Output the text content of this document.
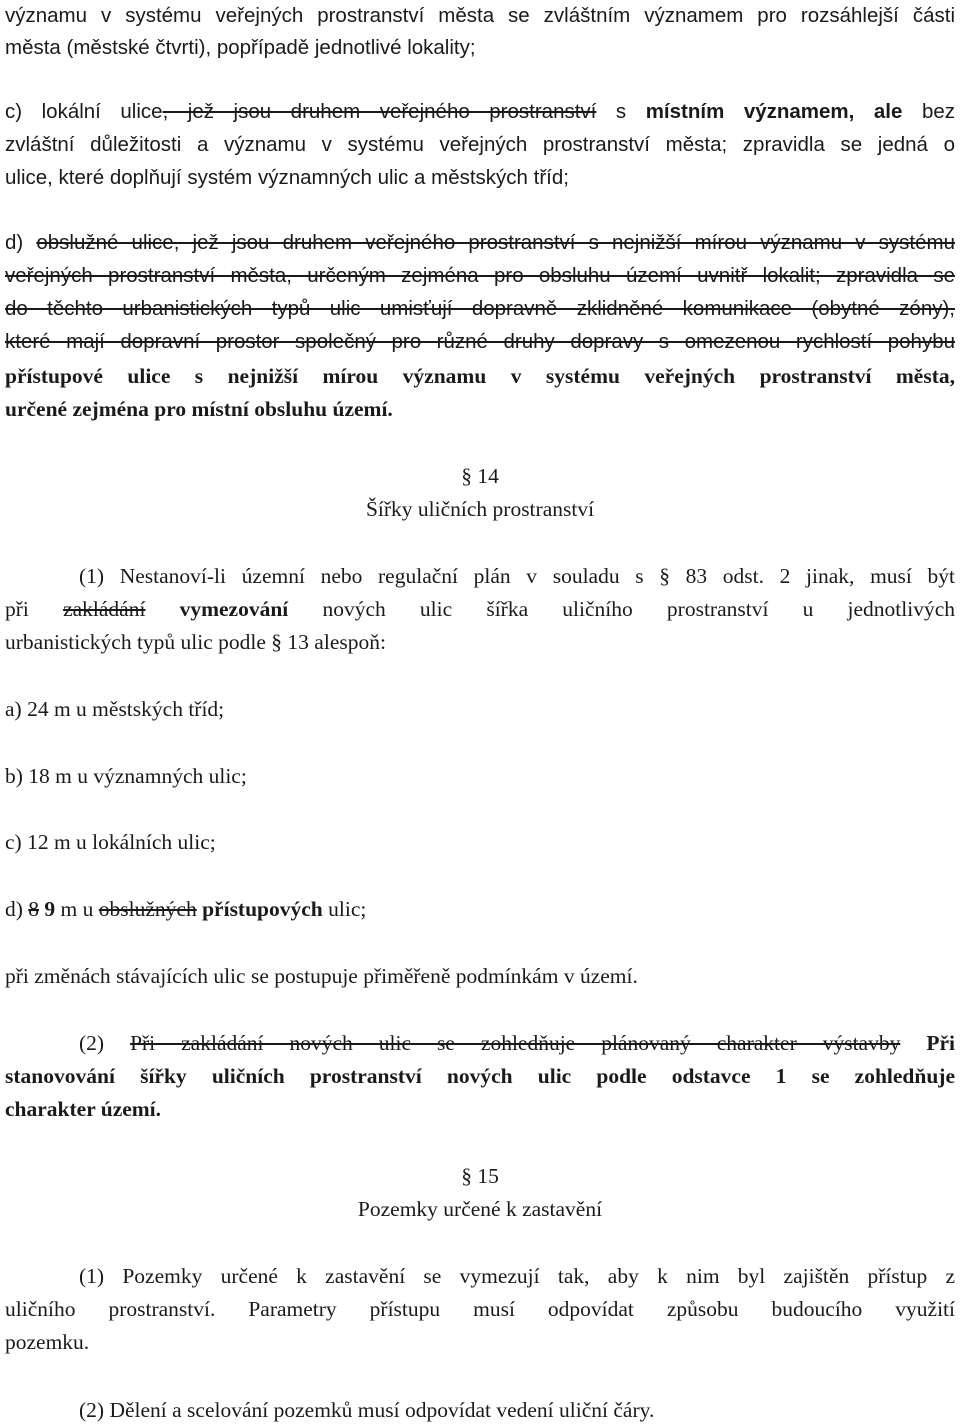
významu v systému veřejných prostranství města se zvláštním významem pro rozsáhlejší části
města (městské čtvrti), popřípadě jednotlivé lokality;
c) lokální ulice, jež jsou druhem veřejného prostranství s místním významem, ale bez
zvláštní důležitosti a významu v systému veřejných prostranství města; zpravidla se jedná o
ulice, které doplňují systém významných ulic a městských tříd;
d) obslužné ulice, jež jsou druhem veřejného prostranství s nejnižší mírou významu v systému
veřejných prostranství města, určeným zejména pro obsluhu území uvnitř lokalit; zpravidla se
do těchto urbanistických typů ulic umisťují dopravně zklidněné komunikace (obytné zóny),
které mají dopravní prostor společný pro různé druhy dopravy s omezenou rychlostí pohybu
přístupové ulice s nejnižší mírou významu v systému veřejných prostranství města,
určené zejména pro místní obsluhu území.
§ 14
Šířky uličních prostranství
(1) Nestanoví-li územní nebo regulační plán v souladu s § 83 odst. 2 jinak, musí být
při zakládání vymezování nových ulic šířka uličního prostranství u jednotlivých
urbanistických typů ulic podle § 13 alespoň:
a) 24 m u městských tříd;
b) 18 m u významných ulic;
c) 12 m u lokálních ulic;
d) 8 9 m u obslužných přístupových ulic;
při změnách stávajících ulic se postupuje přiměřeně podmínkám v území.
(2) Při zakládání nových ulic se zohledňuje plánovaný charakter výstavby Při
stanovování šířky uličních prostranství nových ulic podle odstavce 1 se zohledňuje
charakter území.
§ 15
Pozemky určené k zastavění
(1) Pozemky určené k zastavění se vymezují tak, aby k nim byl zajištěn přístup z
uličního prostranství. Parametry přístupu musí odpovídat způsobu budoucího využití
pozemku.
(2) Dělení a scelování pozemků musí odpovídat vedení uliční čáry.
